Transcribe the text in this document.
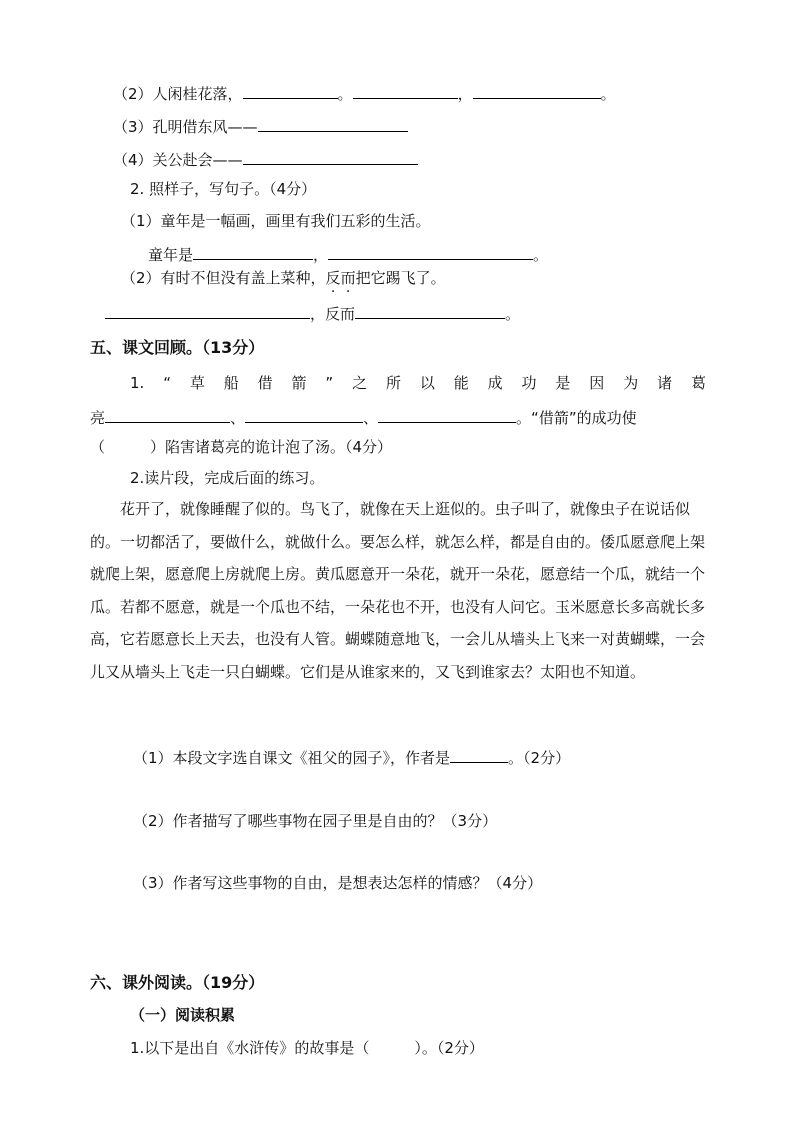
（2）人闲桂花落，	。	，	。
（3）孔明借东风——
（4）关公赴会——
2. 照样子，写句子。（4分）
（1）童年是一幅画，画里有我们五彩的生活。
童年是	，	。
（2）有时不但没有盖上菜种，反而把它踢飞了。
，反而	。
五、课文回顾。（13分）
1. “ 草 船 借 箭 ” 之 所 以 能 成 功 是 因 为 诸 葛
亮	、	、	。“借箭”的成功使
（　　　）陷害诸葛亮的诡计泡了汤。（4分）
2.读片段，完成后面的练习。

花开了，就像睡醒了似的。鸟飞了，就像在天上逛似的。虫子叫了，就像虫子在说话似的。一切都活了，要做什么，就做什么。要怎么样，就怎么样，都是自由的。倭瓜愿意爬上架就爬上架，愿意爬上房就爬上房。黄瓜愿意开一朵花，就开一朵花，愿意结一个瓜，就结一个瓜。若都不愿意，就是一个瓜也不结，一朵花也不开，也没有人问它。玉米愿意长多高就长多高，它若愿意长上天去，也没有人管。蝴蝶随意地飞，一会儿从墙头上飞来一对黄蝴蝶，一会儿又从墙头上飞走一只白蝴蝶。它们是从谁家来的，又飞到谁家去？太阳也不知道。

（1）本段文字选自课文《祖父的园子》，作者是	。（2分）
（2）作者描写了哪些事物在园子里是自由的？（3分）
（3）作者写这些事物的自由，是想表达怎样的情感？（4分）
六、课外阅读。（19分）
（一）阅读积累
1.以下是出自《水浒传》的故事是（　　　）。（2分）
